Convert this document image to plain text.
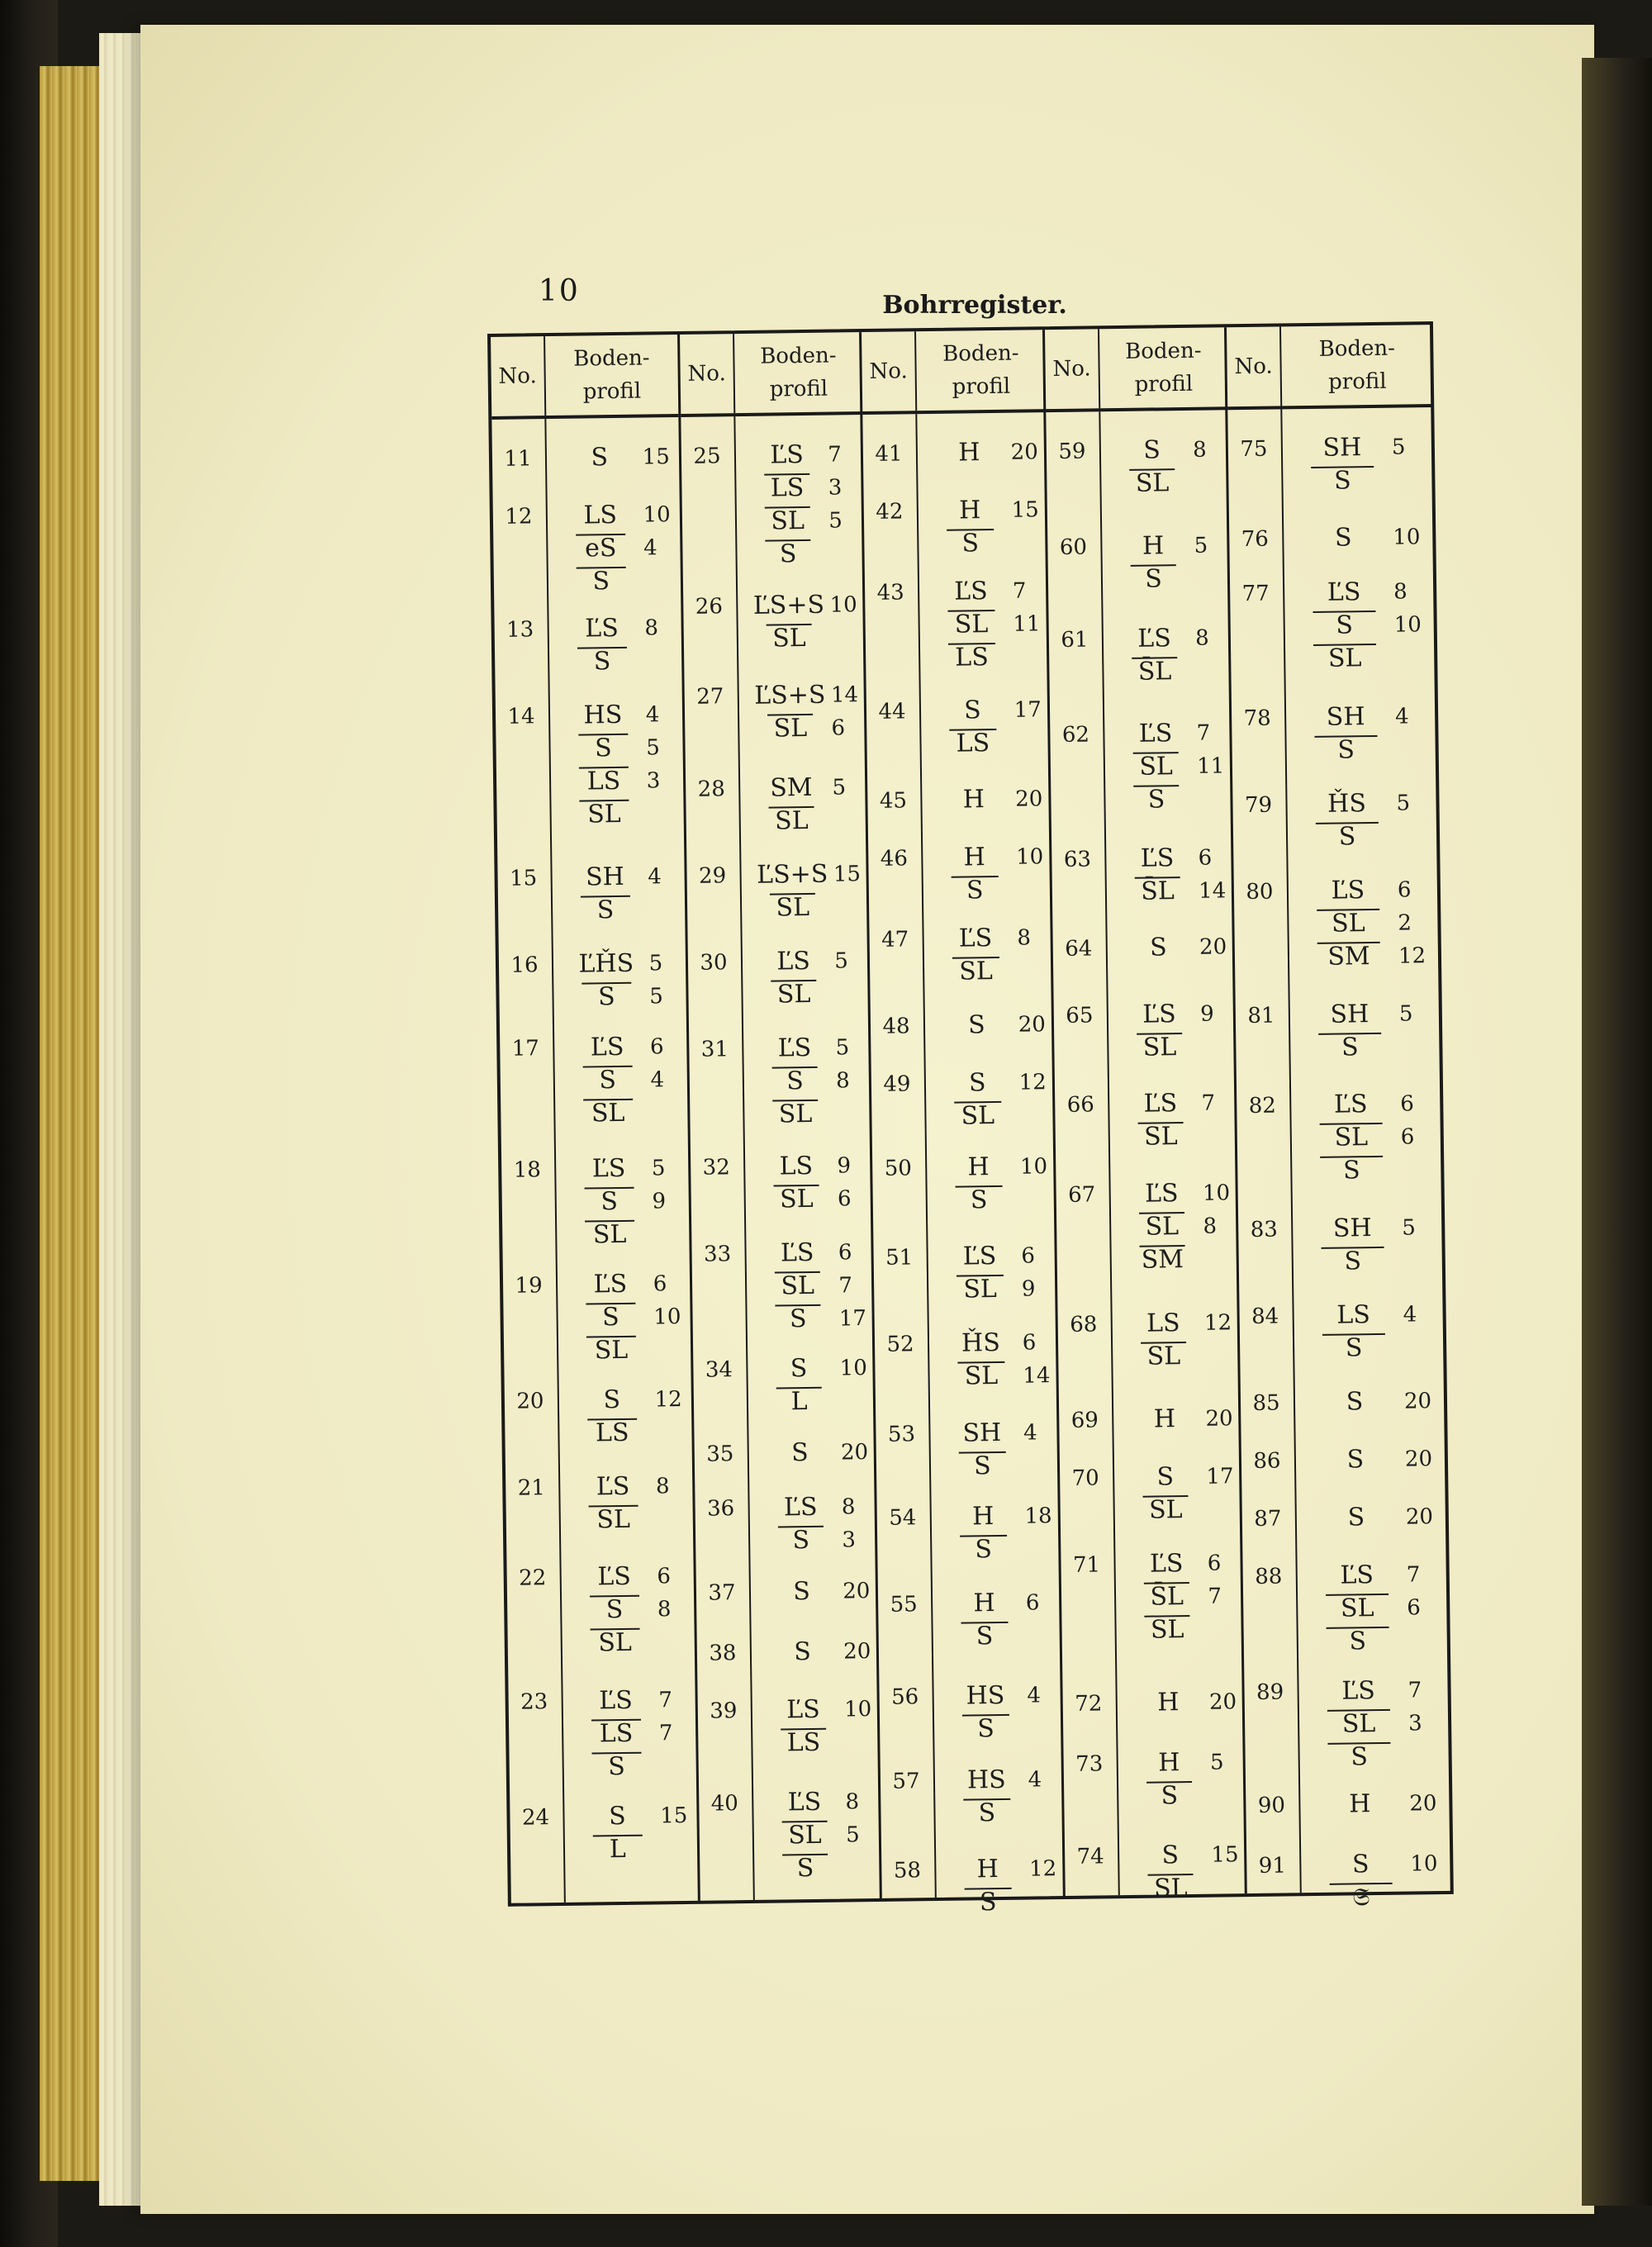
10	Bohrregister.
No.
Boden-
profil
11	S	15
12	LS	10
eS	4
S
13	ĽS	8
S
14	HS	4
S	5
LS	3
SL
15	SH	4
S
16	ĽȞS 5
S	5
17	ĽS	6
S	4
SL
18	ĽS	5
S	9
SL
19	ĽS	6
S	10
SL
20	S	12
LS
21	ĽS	8
SL
22	ĽS	6
S	8
SL
23	ĽS	7
LS	7
S
24	S	15
L
No.
Boden-
profil
25	ĽS	7
LS	3
SL	5
S
26	ĽS+S 10
SL
27	ĽS+S 14
SL	6
28	SM 5
SL
29	ĽS+S 15
SL
30	ĽS	5
SL
31	ĽS	5
S	8
SL
32	LS	9
SL	6
33	ĽS	6
SL	7
S	17
34	S	10
L
35	S	20
36	ĽS	8
S	3
37	S	20
38	S	20
39	ĽS	10
LS
40	ĽS	8
SL	5
S
No.
Boden-
profil
41	H	20
42	H	15
S
43	ĽS	7
SL	11
LS
44	S	17
LS
45	H	20
46	H	10
S
47	ĽS	8
SL
48	S	20
49	S	12
SL
50	H	10
S
51	ĽS	6
SL	9
52	ȞS	6
SL	14
53	SH	4
S
54	H	18
S
55	H	6
S
56	HS	4
S
57	HS	4
S
58	H	12
S
No.
Boden-
profil
59	S	8
SL
60	H	5
S
61	ĽS	8
S̄L
62	ĽS	7
SL	11
S
63	ĽS	6
S̄L	14
64	S	20
65	ĽS	9
SL
66	ĽS	7
SL
67	ĽS	10
SL	8
SM
68	LS	12
SL
69	H	20
70	S	17
SL
71	ĽS	6
S̄L	7
SL
72	H	20
73	H	5
S
74	S	15
SL
No.
Boden-
profil
75	SH	5
S
76	S	10
77	ĽS	8
S	10
SL
78	SH	4
S
79	ȞS	5
S
80	ĽS	6
SL	2
SM	12
81	SH	5
S
82	ĽS	6
SL	6
S
83	SH	5
S
84	LS	4
S
85	S	20
86	S	20
87	S	20
88	ĽS	7
SL	6
S
89	ĽS	7
SL	3
S
90	H	20
91	S	10
𝔖
